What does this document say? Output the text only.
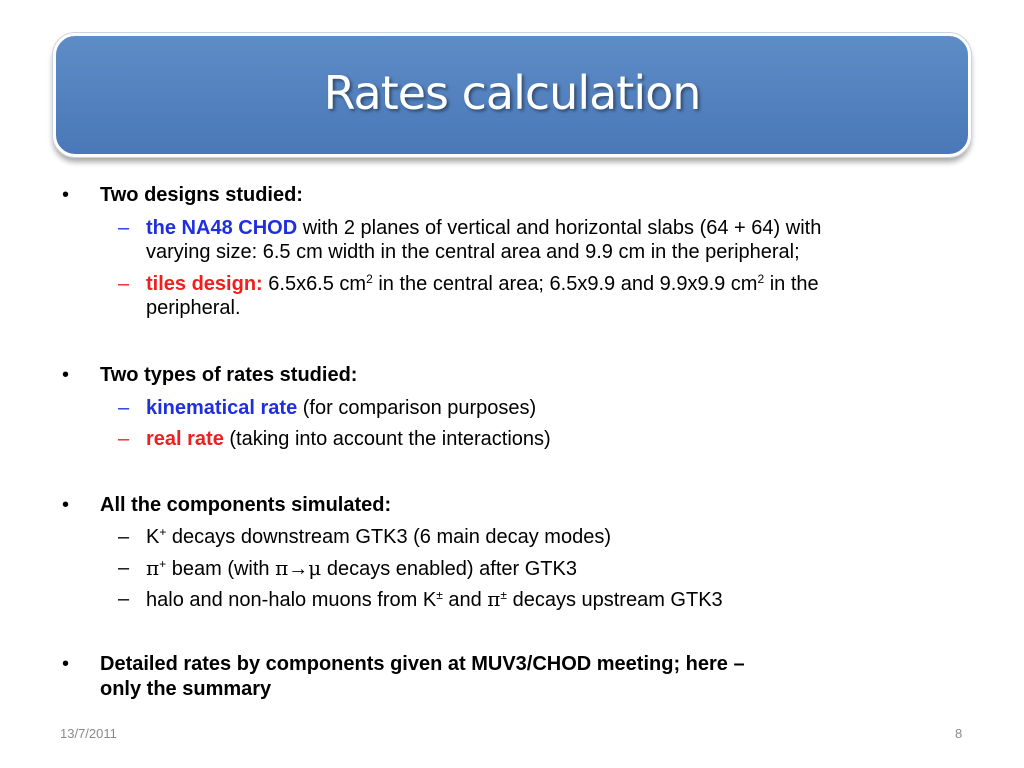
Rates calculation
• Two designs studied:
– the NA48 CHOD with 2 planes of vertical and horizontal slabs (64 + 64) with
varying size: 6.5 cm width in the central area and 9.9 cm in the peripheral;
– tiles design: 6.5x6.5 $cm^2$ in the central area; 6.5x9.9 and 9.9x9.9 $cm^2$ in the
peripheral.
• Two types of rates studied:
– kinematical rate (for comparison purposes)
– real rate (taking into account the interactions)
• All the components simulated:
– K+ decays downstream GTK3 (6 main decay modes)
– π+ beam (with π→μ decays enabled) after GTK3
– halo and non-halo muons from K± and π± decays upstream GTK3
• Detailed rates by components given at MUV3/CHOD meeting; here –
only the summary
13/7/2011	8
